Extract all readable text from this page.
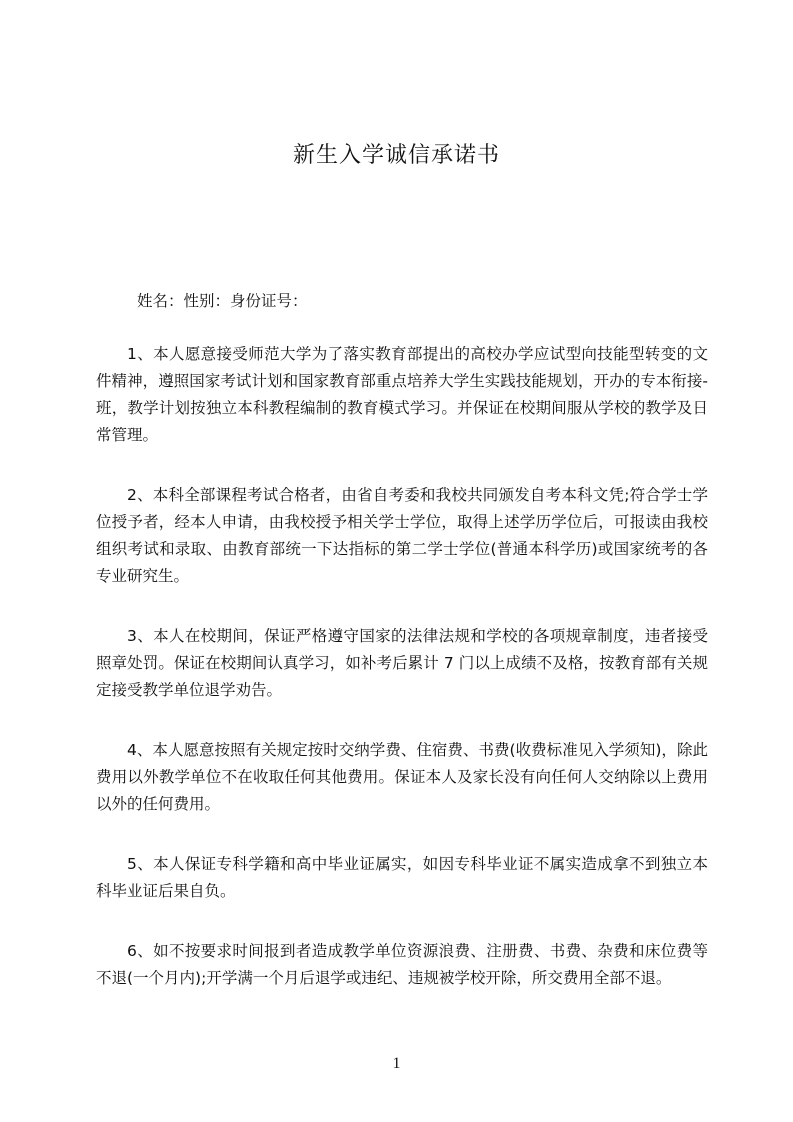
新生入学诚信承诺书
姓名：性别：身份证号：

1、本人愿意接受师范大学为了落实教育部提出的高校办学应试型向技能型转变的文件精神，遵照国家考试计划和国家教育部重点培养大学生实践技能规划，开办的专本衔接-班，教学计划按独立本科教程编制的教育模式学习。并保证在校期间服从学校的教学及日常管理。

2、本科全部课程考试合格者，由省自考委和我校共同颁发自考本科文凭;符合学士学位授予者，经本人申请，由我校授予相关学士学位，取得上述学历学位后，可报读由我校组织考试和录取、由教育部统一下达指标的第二学士学位(普通本科学历)或国家统考的各专业研究生。

3、本人在校期间，保证严格遵守国家的法律法规和学校的各项规章制度，违者接受照章处罚。保证在校期间认真学习，如补考后累计 7 门以上成绩不及格，按教育部有关规定接受教学单位退学劝告。

4、本人愿意按照有关规定按时交纳学费、住宿费、书费(收费标准见入学须知)，除此费用以外教学单位不在收取任何其他费用。保证本人及家长没有向任何人交纳除以上费用以外的任何费用。

5、本人保证专科学籍和高中毕业证属实，如因专科毕业证不属实造成拿不到独立本科毕业证后果自负。

6、如不按要求时间报到者造成教学单位资源浪费、注册费、书费、杂费和床位费等不退(一个月内);开学满一个月后退学或违纪、违规被学校开除，所交费用全部不退。

1
